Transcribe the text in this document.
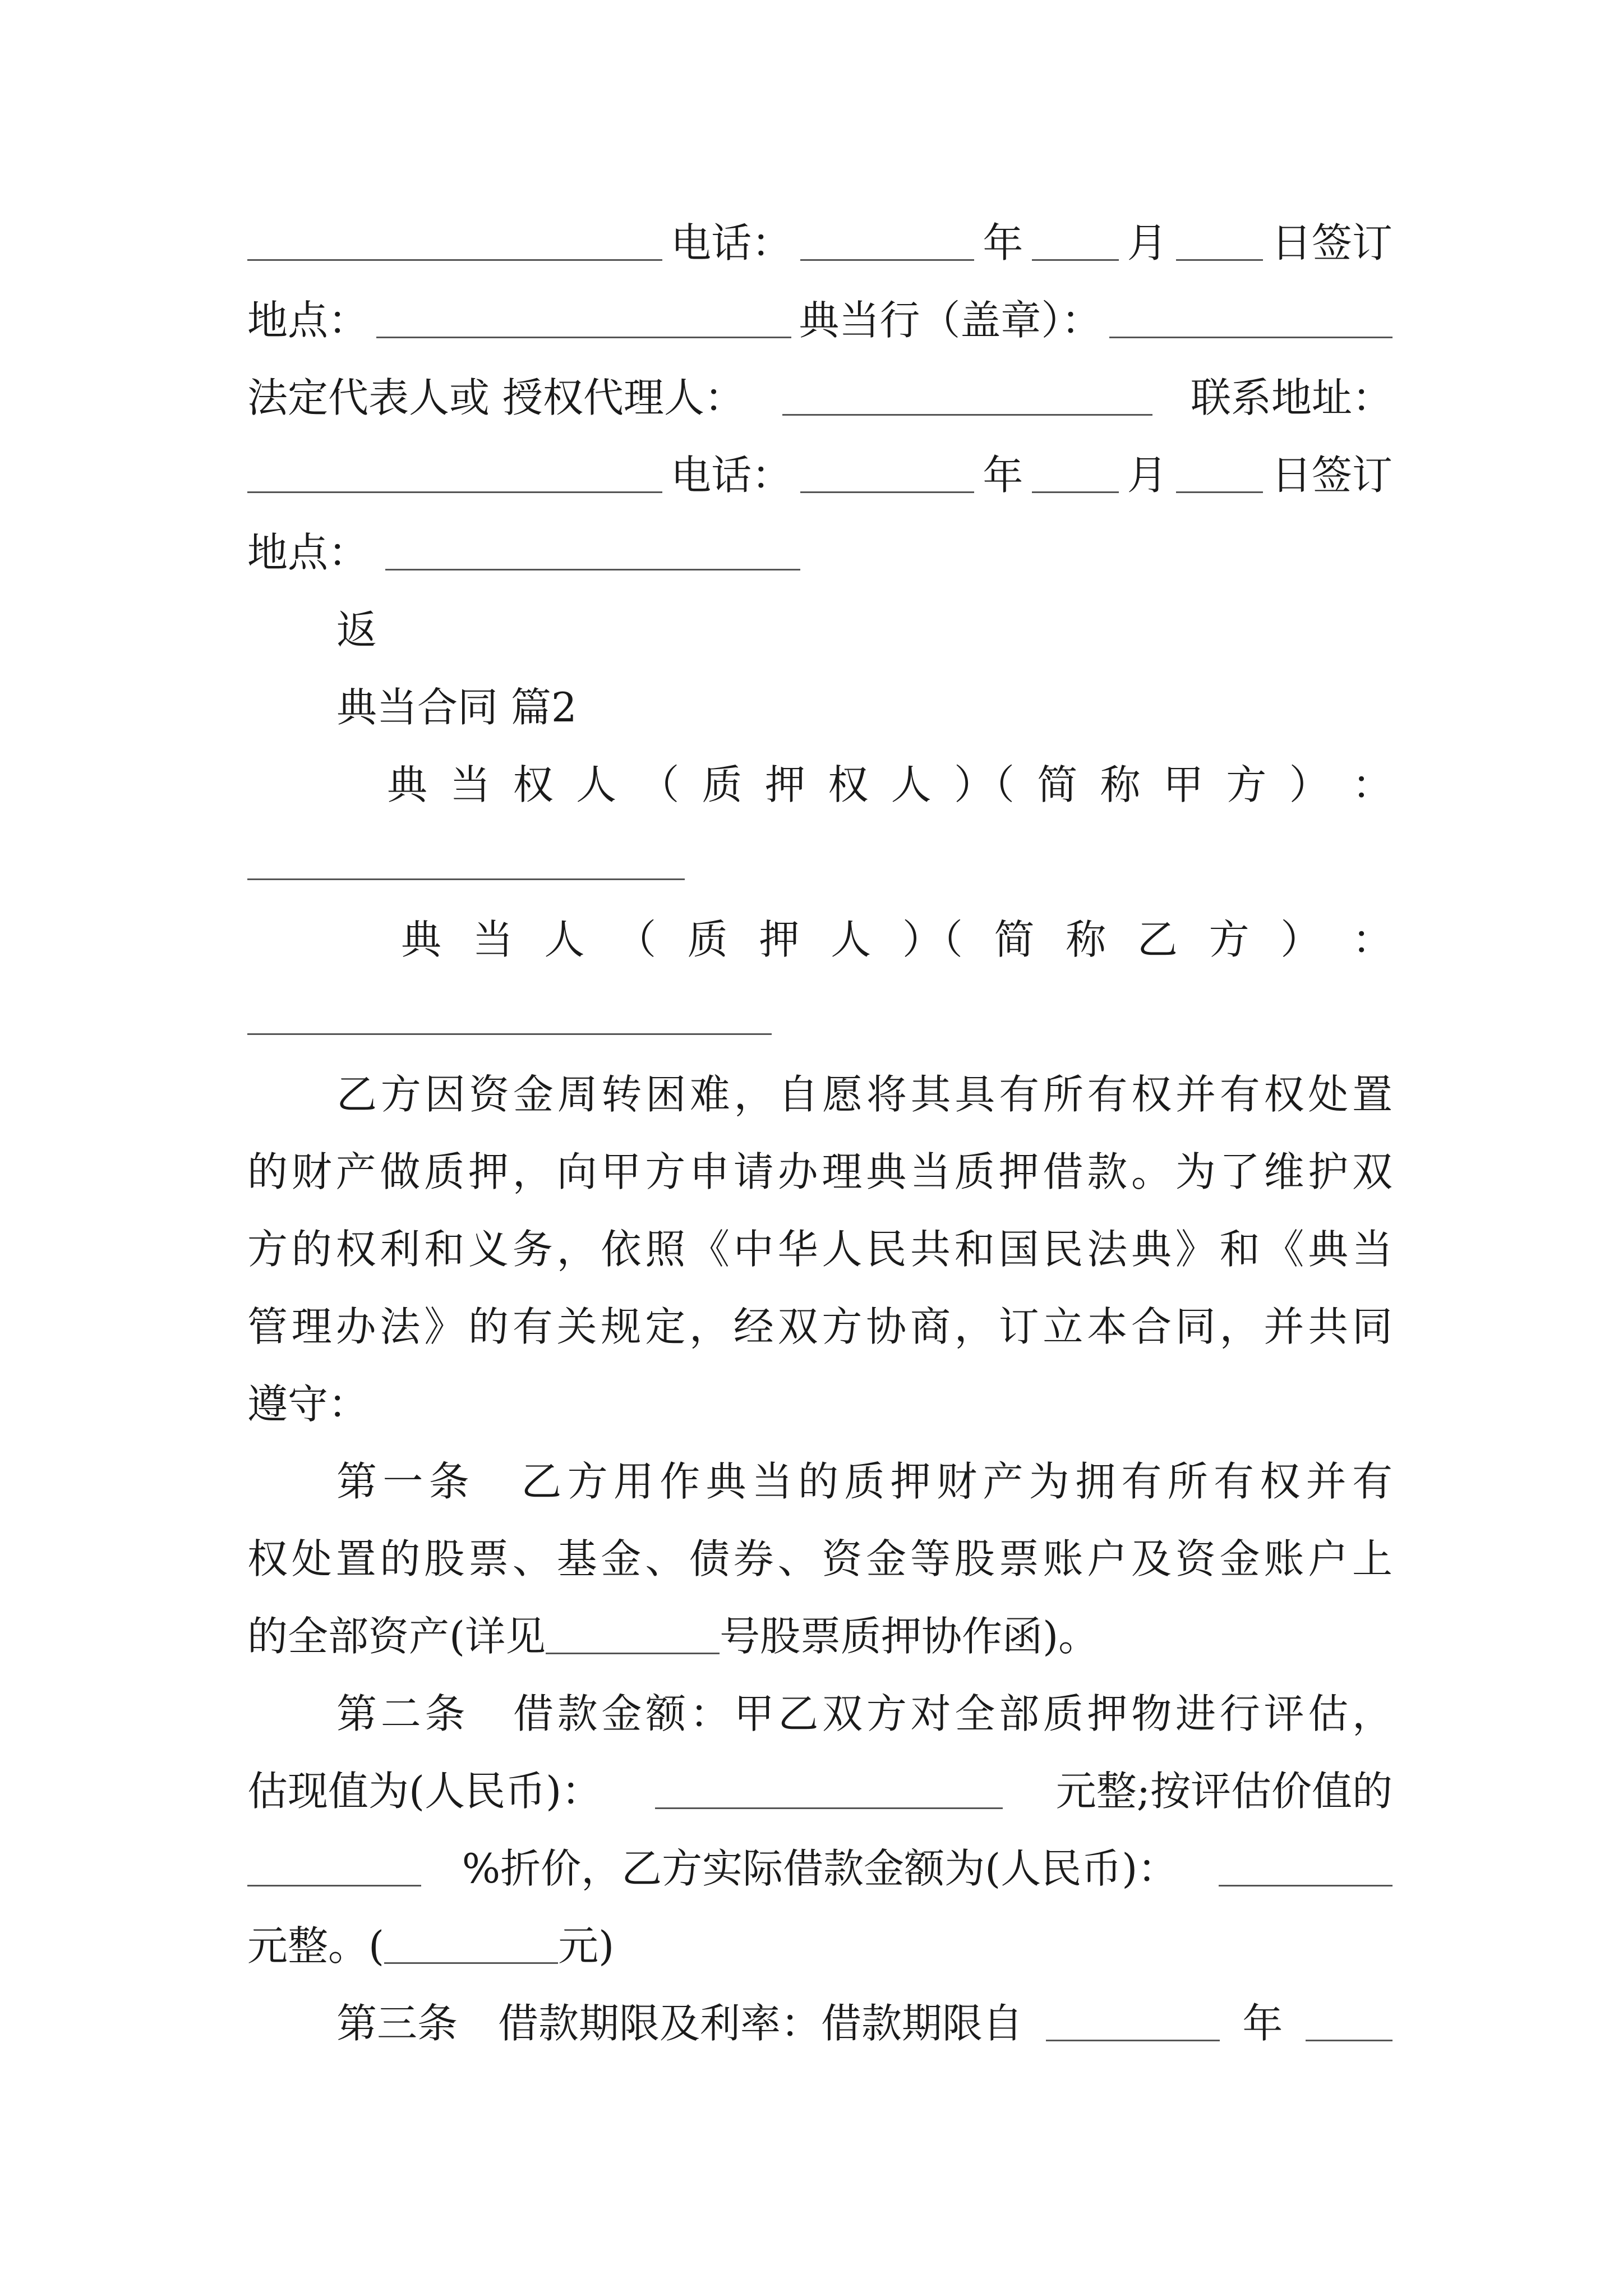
电话：	年	月	日签订
地点：	典当行（盖章）：
法定代表人或 授权代理人：	联系地址：
电话：	年	月	日签订
地点：
返
典当合同 篇2
典 当 权 人 （ 质 押 权 人 ）（ 简 称 甲 方 ） ：
典 当 人 （ 质 押 人 ）（ 简 称 乙 方 ） ：
乙方因资金周转困难，自愿将其具有所有权并有权处置
的财产做质押，向甲方申请办理典当质押借款。为了维护双
方的权利和义务，依照《中华人民共和国民法典》和《典当
管理办法》的有关规定，经双方协商，订立本合同，并共同
遵守：
第一条　乙方用作典当的质押财产为拥有所有权并有
权处置的股票、基金、债券、资金等股票账户及资金账户上
的全部资产(详见	号股票质押协作函)。
第二条　借款金额：甲乙双方对全部质押物进行评估，
估现值为(人民币)：	元整;按评估价值的
%折价，乙方实际借款金额为(人民币)：
元整。(	元)
第三条　借款期限及利率：借款期限自	年
